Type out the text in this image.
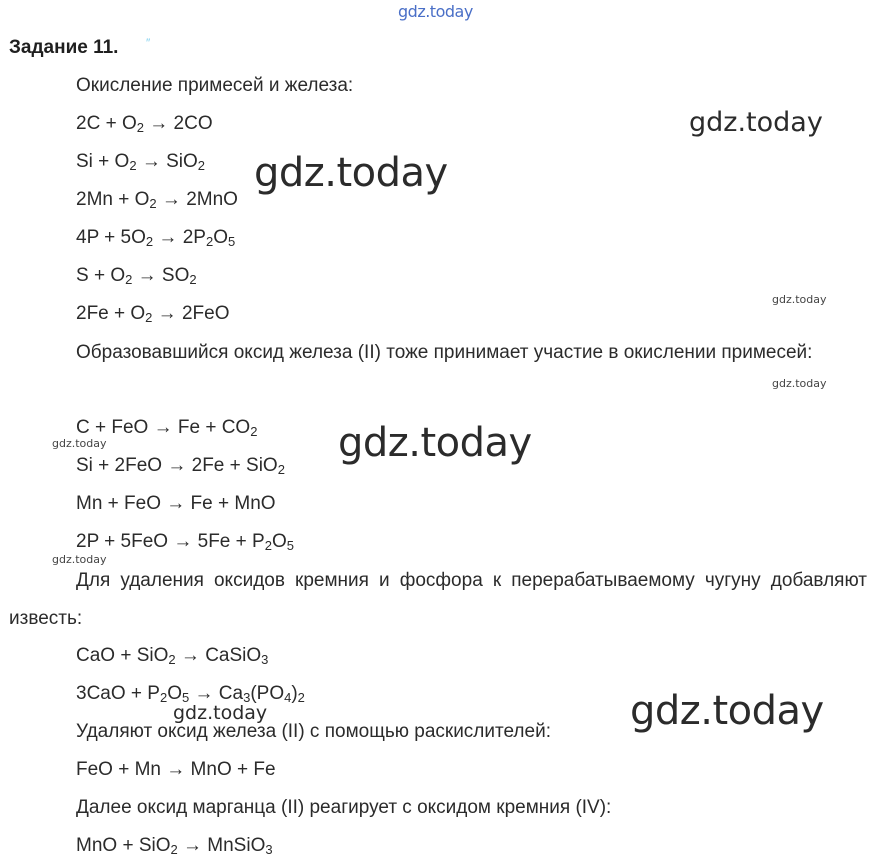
gdz.today
Задание 11. ″
Окисление примесей и железа:
$2C + O_2 \to 2CO$
$Si + O_2 \to SiO_2$
$2Mn + O_2 \to 2MnO$
$4P + 5O_2 \to 2P_2O_5$
$S + O_2 \to SO_2$
$2Fe + O_2 \to 2FeO$
Образовавшийся оксид железа (II) тоже принимает участие в окислении примесей:
C + FeO → $Fe + CO_2$
Si + 2FeO → 2Fe + SiO$_2$
Mn + FeO → Fe + MnO
$2P + 5FeO \to 5Fe + P_2O_5$
Для удаления оксидов кремния и фосфора к перерабатываемому чугуну добавляют известь:
CaO + SiO$_2$ → CaSiO$_3$
$3CaO + P_2O_5 \to Ca_3(PO_4)_2$
Удаляют оксид железа (II) с помощью раскислителей:
FeO + Mn → MnO + Fe
Далее оксид марганца (II) реагирует с оксидом кремния (IV):
MnO + SiO$_2$ → MnSiO$_3$
gdz.today
gdz.today
gdz.today
gdz.today
gdz.today	gdz.today
gdz.today
gdz.today	gdz.today
